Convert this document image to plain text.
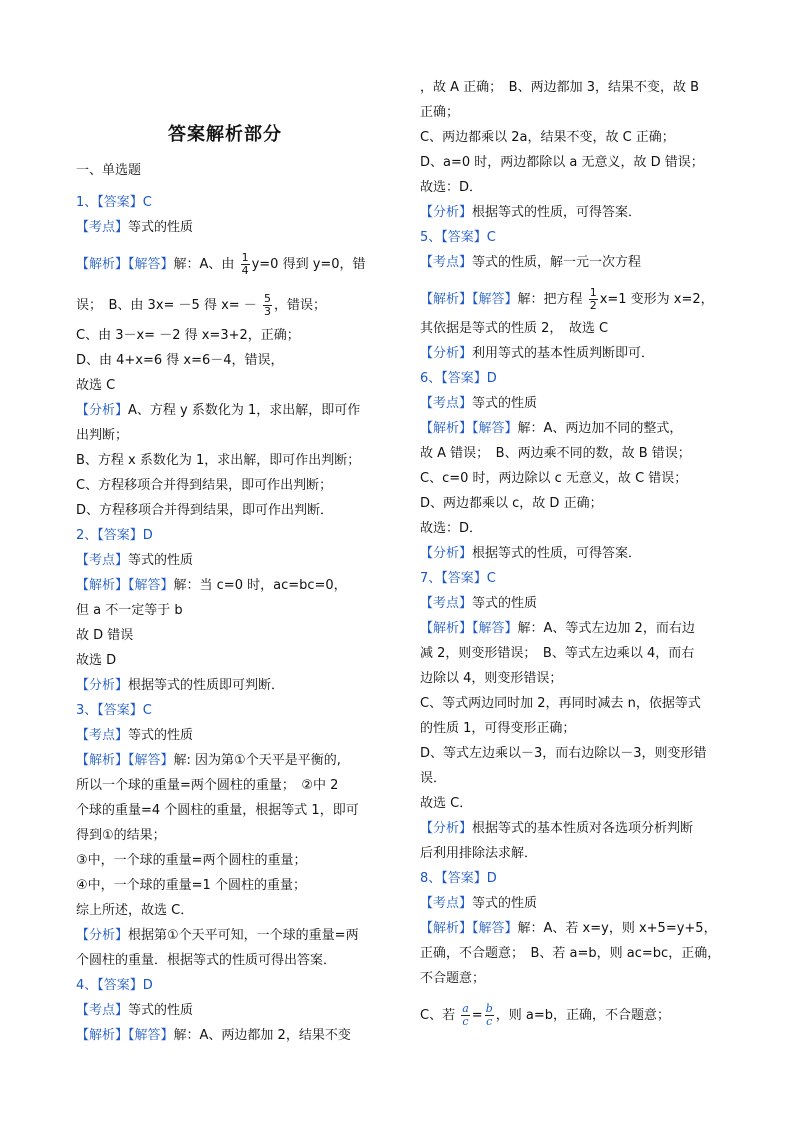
答案解析部分
一、单选题
1、【答案】C
【考点】等式的性质
【解析】【解答】解：A、由 $\frac{1}{4} y=0$ 得到 y=0，错
误；　B、由 3x= －5 得 $x= - \frac{5}{3}$ ，错误；
C、由 3－x= －2 得 x=3+2，正确；
D、由 4+x=6 得 x=6－4，错误，
故选 C
【分析】A、方程 y 系数化为 1，求出解，即可作
出判断；
B、方程 x 系数化为 1，求出解，即可作出判断；
C、方程移项合并得到结果，即可作出判断；
D、方程移项合并得到结果，即可作出判断．
2、【答案】D
【考点】等式的性质
【解析】【解答】解：当 c=0 时，ac=bc=0，
但 a 不一定等于 b
故 D 错误
故选 D
【分析】根据等式的性质即可判断．
3、【答案】C
【考点】等式的性质
【解析】【解答】解: 因为第①个天平是平衡的,
所以一个球的重量=两个圆柱的重量；　②中 2
个球的重量=4 个圆柱的重量，根据等式 1，即可
得到①的结果；
③中，一个球的重量=两个圆柱的重量；
④中，一个球的重量=1 个圆柱的重量；
综上所述，故选 C．
【分析】根据第①个天平可知，一个球的重量=两
个圆柱的重量．根据等式的性质可得出答案．
4、【答案】D
【考点】等式的性质
【解析】【解答】解：A、两边都加 2，结果不变
，故 A 正确；　B、两边都加 3，结果不变，故 B
正确；
C、两边都乘以 2a，结果不变，故 C 正确；
D、a=0 时，两边都除以 a 无意义，故 D 错误；
故选：D．
【分析】根据等式的性质，可得答案．
5、【答案】C
【考点】等式的性质，解一元一次方程
【解析】【解答】解：把方程 $\frac{1}{2} x=1$ 变形为 x=2，
其依据是等式的性质 2，　故选 C
【分析】利用等式的基本性质判断即可．
6、【答案】D
【考点】等式的性质
【解析】【解答】解：A、两边加不同的整式，
故 A 错误；　B、两边乘不同的数，故 B 错误；
C、c=0 时，两边除以 c 无意义，故 C 错误；
D、两边都乘以 c，故 D 正确；
故选：D．
【分析】根据等式的性质，可得答案．
7、【答案】C
【考点】等式的性质
【解析】【解答】解：A、等式左边加 2，而右边
减 2，则变形错误；　B、等式左边乘以 4，而右
边除以 4，则变形错误；
C、等式两边同时加 2，再同时减去 n，依据等式
的性质 1，可得变形正确；
D、等式左边乘以－3，而右边除以－3，则变形错
误．
故选 C．
【分析】根据等式的基本性质对各选项分析判断
后利用排除法求解．
8、【答案】D
【考点】等式的性质
【解析】【解答】解：A、若 x=y，则 x+5=y+5，
正确，不合题意；　B、若 a=b，则 ac=bc，正确，
不合题意；
C、若 $\frac{a}{c} = \frac{b}{c}$ ，则 a=b，正确，不合题意；
